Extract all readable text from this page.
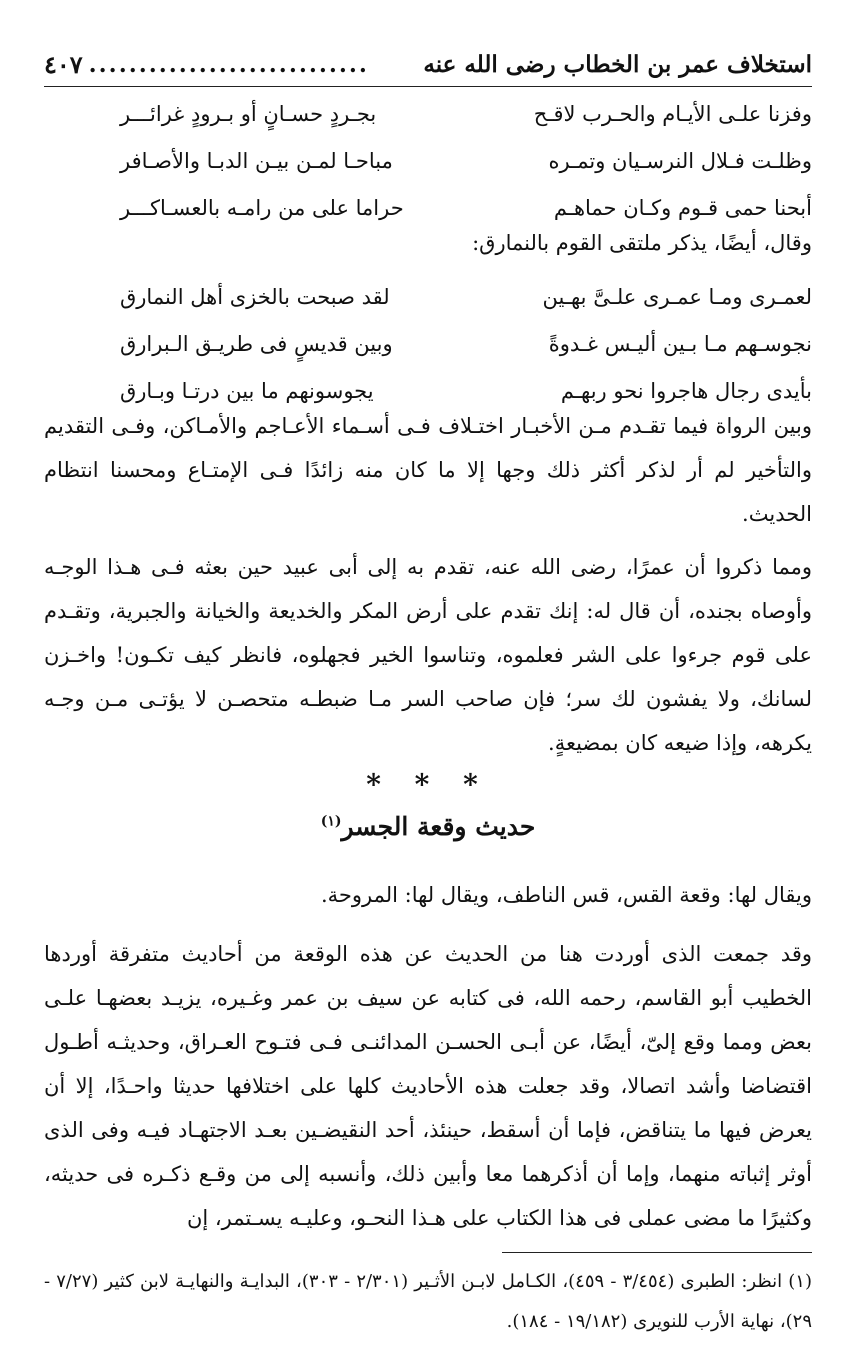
استخلاف عمر بن الخطاب رضى الله عنه
............................
٤٠٧
وفزنا علـى الأيـام والحـرب لاقـح
بجـردٍ حسـانٍ أو بـرودٍ غرائـــر
وظلـت فـلال النرسـيان وتمـره
مباحـا لمـن بيـن الدبـا والأصـافر
أبحنا حمى قـوم وكـان حماهـم
حراما على من رامـه بالعسـاكـــر

وقال، أيضًا، يذكر ملتقى القوم بالنمارق:

لعمـرى ومـا عمـرى علـىَّ بهـين
لقد صبحت بالخزى أهل النمارق
نجوسـهم مـا بـين أليـس غـدوةً
وبين قديسٍ فى طريـق الـبرارق
بأيدى رجال هاجروا نحو ربهـم
يجوسونهم ما بين درتـا وبـارق

وبين الرواة فيما تقـدم مـن الأخبـار اختـلاف فـى أسـماء الأعـاجم والأمـاكن، وفـى التقديم والتأخير لم أر لذكر أكثر ذلك وجها إلا ما كان منه زائدًا فـى الإمتـاع ومحسنا انتظام الحديث.

ومما ذكروا أن عمرًا، رضى الله عنه، تقدم به إلى أبى عبيد حين بعثه فـى هـذا الوجـه وأوصاه بجنده، أن قال له: إنك تقدم على أرض المكر والخديعة والخيانة والجبرية، وتقـدم على قوم جرءوا على الشر فعلموه، وتناسوا الخير فجهلوه، فانظر كيف تكـون! واخـزن لسانك، ولا يفشون لك سر؛ فإن صاحب السر مـا ضبطـه متحصـن لا يؤتـى مـن وجـه يكرهه، وإذا ضيعه كان بمضيعةٍ.

* * *
حديث وقعة الجسر$^{(١)}$

ويقال لها: وقعة القس، قس الناطف، ويقال لها: المروحة.

وقد جمعت الذى أوردت هنا من الحديث عن هذه الوقعة من أحاديث متفرقة أوردها الخطيب أبو القاسم، رحمه الله، فى كتابه عن سيف بن عمر وغـيره، يزيـد بعضهـا علـى بعض ومما وقع إلىّ، أيضًا، عن أبـى الحسـن المدائنـى فـى فتـوح العـراق، وحديثـه أطـول اقتضاضا وأشد اتصالا، وقد جعلت هذه الأحاديث كلها على اختلافها حديثا واحـدًا، إلا أن يعرض فيها ما يتناقض، فإما أن أسقط، حينئذ، أحد النقيضـين بعـد الاجتهـاد فيـه وفى الذى أوثر إثباته منهما، وإما أن أذكرهما معا وأبين ذلك، وأنسبه إلى من وقـع ذكـره فى حديثه، وكثيرًا ما مضى عملى فى هذا الكتاب على هـذا النحـو، وعليـه يسـتمر، إن

(١) انظر: الطبرى (٣/٤٥٤ - ٤٥٩)، الكـامل لابـن الأثـير (٢/٣٠١ - ٣٠٣)، البدايـة والنهايـة لابن كثير (٧/٢٧ - ٢٩)، نهاية الأرب للنويرى (١٩/١٨٢ - ١٨٤).
